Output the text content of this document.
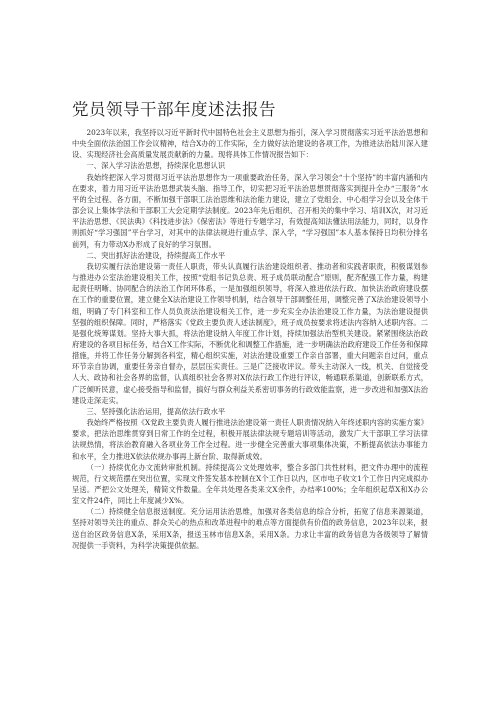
党员领导干部年度述法报告

2023年以来，我坚持以习近平新时代中国特色社会主义思想为指引，深入学习贯彻落实习近平法治思想和中央全面依法治国工作会议精神，结合X办的工作实际，全力做好法治建设的各项工作，为推进法治陆川深入建设、实现经济社会高质量发展贡献新的力量。现将具体工作情况报告如下：

一、深入学习法治思想，持续深化思想认识

我始终把深入学习贯彻习近平法治思想作为一项重要政治任务，深入学习领会“十个坚持”的丰富内涵和内在要求，着力用习近平法治思想武装头脑、指导工作，切实把习近平法治思想贯彻落实到提升全办“三服务”水平的全过程、各方面，不断加强干部职工法治思维和法治能力建设，建立了党组会、中心组学习会以及全体干部会议上集体学法和干部职工大会定期学法制度。2023年先后组织、召开相关的集中学习、培训X次，对习近平法治思想、《民法典》《科技进步法》《保密法》等进行专题学习，有效提高知法懂法用法能力，同时，以身作则抓好“学习强国”平台学习，对其中的法律法规进行重点学、深入学，“学习强国”本人基本保持日均积分排名前列，有力带动X办形成了良好的学习氛围。

二、突出抓好法治建设，持续提高工作水平

我切实履行法治建设第一责任人职责，带头认真履行法治建设组织者、推动者和实践者职责，积极谋划参与推进办公室法治建设相关工作，按照“党组书记负总责、班子成员联动配合”原则，配齐配强工作力量，构建起责任明晰、协同配合的法治工作闭环体系，一是加强组织领导，将深入推进依法行政、加快法治政府建设摆在工作的重要位置，建立健全X法治建设工作领导机制，结合领导干部调整任用，调整完善了X法治建设领导小组，明确了专门科室和工作人员负责法治建设相关工作，进一步充实全办法治建设工作力量，为法治建设提供坚强的组织保障。同时，严格落实《党政主要负责人述法制度》，班子成员按要求将述法内容纳入述职内容。二是强化统筹谋划。坚持大事大抓，将法治建设纳入年度工作计划，持续加强法治型机关建设。紧紧围绕法治政府建设的各项目标任务，结合X工作实际，不断优化和调整工作措施，进一步明确法治政府建设工作任务和保障措施，并将工作任务分解到各科室，精心组织实施，对法治建设重要工作亲自部署，重大问题亲自过问，重点环节亲自协调，重要任务亲自督办，层层压实责任。三是广泛接收评议。带头主动深入一线，机关、自觉接受人大、政协和社会各界的监督，认真组织社会各界对X依法行政工作进行评议，畅通联系渠道，创新联系方式，广泛倾听民意，虚心接受指导和监督，搞好与群众利益关系密切事务的行政效能监察，进一步改进和加强X法治建设走深走实。

三、坚持强化法治运用，提高依法行政水平

我始终严格按照《X党政主要负责人履行推进法治建设第一责任人职责情况纳入年终述职内容的实施方案》要求，把法治思维贯穿到日常工作的全过程，积极开展法律法规专题培训等活动，激发广大干部职工学习法律法规热情，将法治教育融入各项业务工作全过程。进一步健全完善重大事项集体决策，不断提高依法办事能力和水平，全力推进X依法依规办事再上新台阶、取得新成效。

（一）持续优化办文流转审批机制。持续提高公文处理效率，整合多部门共性材料，把文件办理中的流程规范，行文规范摆在突出位置，实现文件签发基本控制在X个工作日以内，区市电子收文1个工作日内完成拟办呈送。严把公文处理关，精简文件数量。全年共处理各类来文X余件，办结率100%；全年组织起草X和X办公室文件24件，同比上年度减少X%。

（二）持续健全信息报送制度。充分运用法治思维，加强对各类信息的综合分析，拓宽了信息来源渠道，坚持对领导关注的重点、群众关心的热点和改革进程中的难点等方面提供有价值的政务信息，2023年以来，报送自治区政务信息X条，采用X条，报送玉林市信息X条，采用X条。力求让丰富的政务信息为各级领导了解情况提供一手资料，为科学决策提供依据。
